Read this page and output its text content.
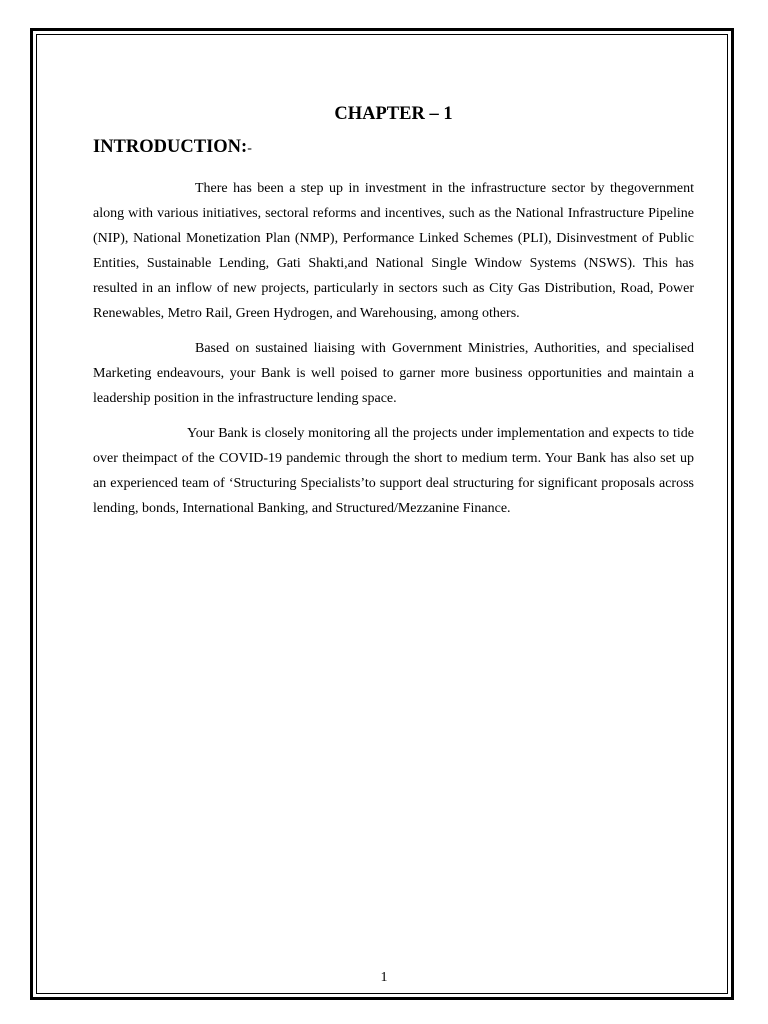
CHAPTER – 1
INTRODUCTION:-

There has been a step up in investment in the infrastructure sector by thegovernment along with various initiatives, sectoral reforms and incentives, such as the National Infrastructure Pipeline (NIP), National Monetization Plan (NMP), Performance Linked Schemes (PLI), Disinvestment of Public Entities, Sustainable Lending, Gati Shakti,and National Single Window Systems (NSWS). This has resulted in an inflow of new projects, particularly in sectors such as City Gas Distribution, Road, Power Renewables, Metro Rail, Green Hydrogen, and Warehousing, among others.

Based on sustained liaising with Government Ministries, Authorities, and specialised Marketing endeavours, your Bank is well poised to garner more business opportunities and maintain a leadership position in the infrastructure lending space.

Your Bank is closely monitoring all the projects under implementation and expects to tide over theimpact of the COVID-19 pandemic through the short to medium term. Your Bank has also set up an experienced team of ‘Structuring Specialists’to support deal structuring for significant proposals across lending, bonds, International Banking, and Structured/Mezzanine Finance.

1
